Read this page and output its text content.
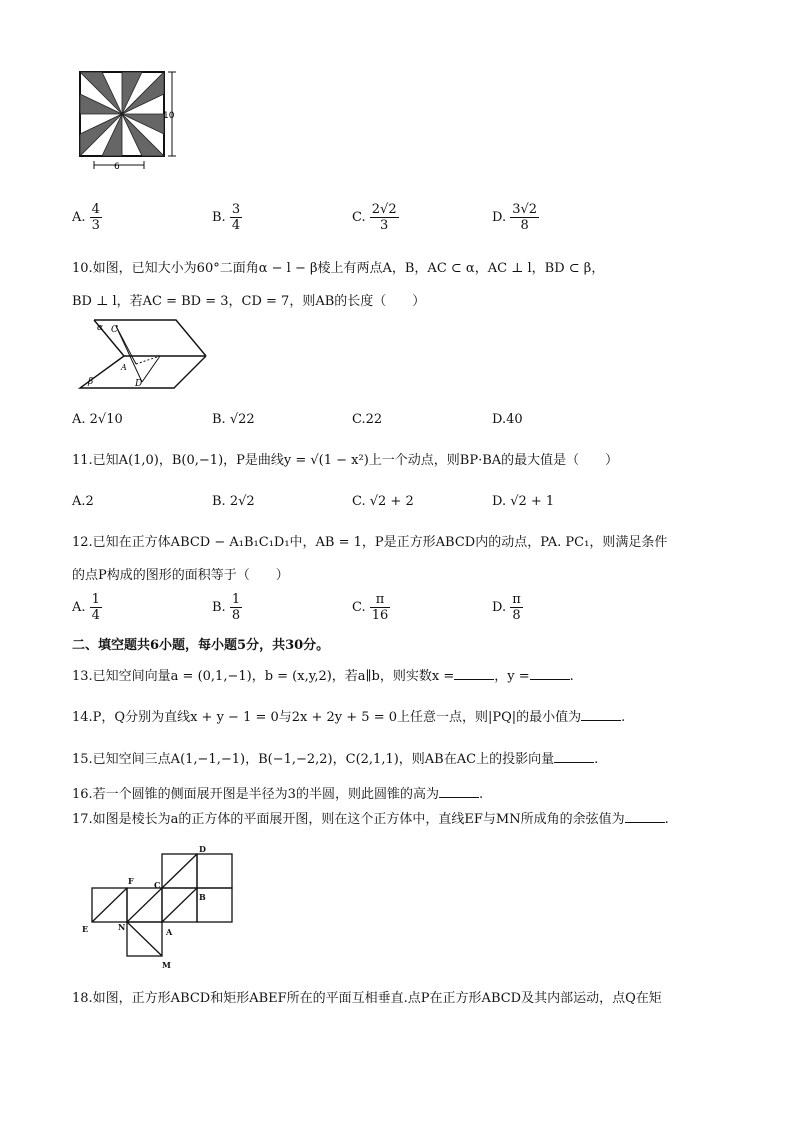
10
6
A. $\frac{4}{3}$	B. $\frac{3}{4}$	C. $\frac{2√2}{3}$	D. $\frac{3√2}{8}$
10.如图，已知大小为60°二面角α − l − β棱上有两点A，B，AC ⊂ α，AC ⊥ l，BD ⊂ β，
BD ⊥ l，若AC = BD = 3，CD = 7，则AB的长度（　　）
α C
A
β	D
A. 2√10	B. √22	C.22	D.40
11.已知A(1,0)，B(0,−1)，P是曲线y = √(1 − x²)上一个动点，则BP·BA的最大值是（　　）
A.2	B. 2√2	C. √2 + 2	D. √2 + 1
12.已知在正方体ABCD − A₁B₁C₁D₁中，AB = 1，P是正方形ABCD内的动点，PA. PC₁，则满足条件
的点P构成的图形的面积等于（　　）
A. $\frac{1}{4}$	B. $\frac{1}{8}$	C. $\frac{\pi}{16}$	D. $\frac{\pi}{8}$
二、填空题共6小题，每小题5分，共30分。
13.已知空间向量a = (0,1,−1)，b = (x,y,2)，若a∥b，则实数x =	，y =	.
14.P，Q分别为直线x + y − 1 = 0与2x + 2y + 5 = 0上任意一点，则|PQ|的最小值为	.
15.已知空间三点A(1,−1,−1)，B(−1,−2,2)，C(2,1,1)，则AB在AC上的投影向量	.
16.若一个圆锥的侧面展开图是半径为3的半圆，则此圆锥的高为	.
17.如图是棱长为a的正方体的平面展开图，则在这个正方体中，直线EF与MN所成角的余弦值为	.
D
F	C
B
E	N	A
M
18.如图，正方形ABCD和矩形ABEF所在的平面互相垂直.点P在正方形ABCD及其内部运动，点Q在矩
